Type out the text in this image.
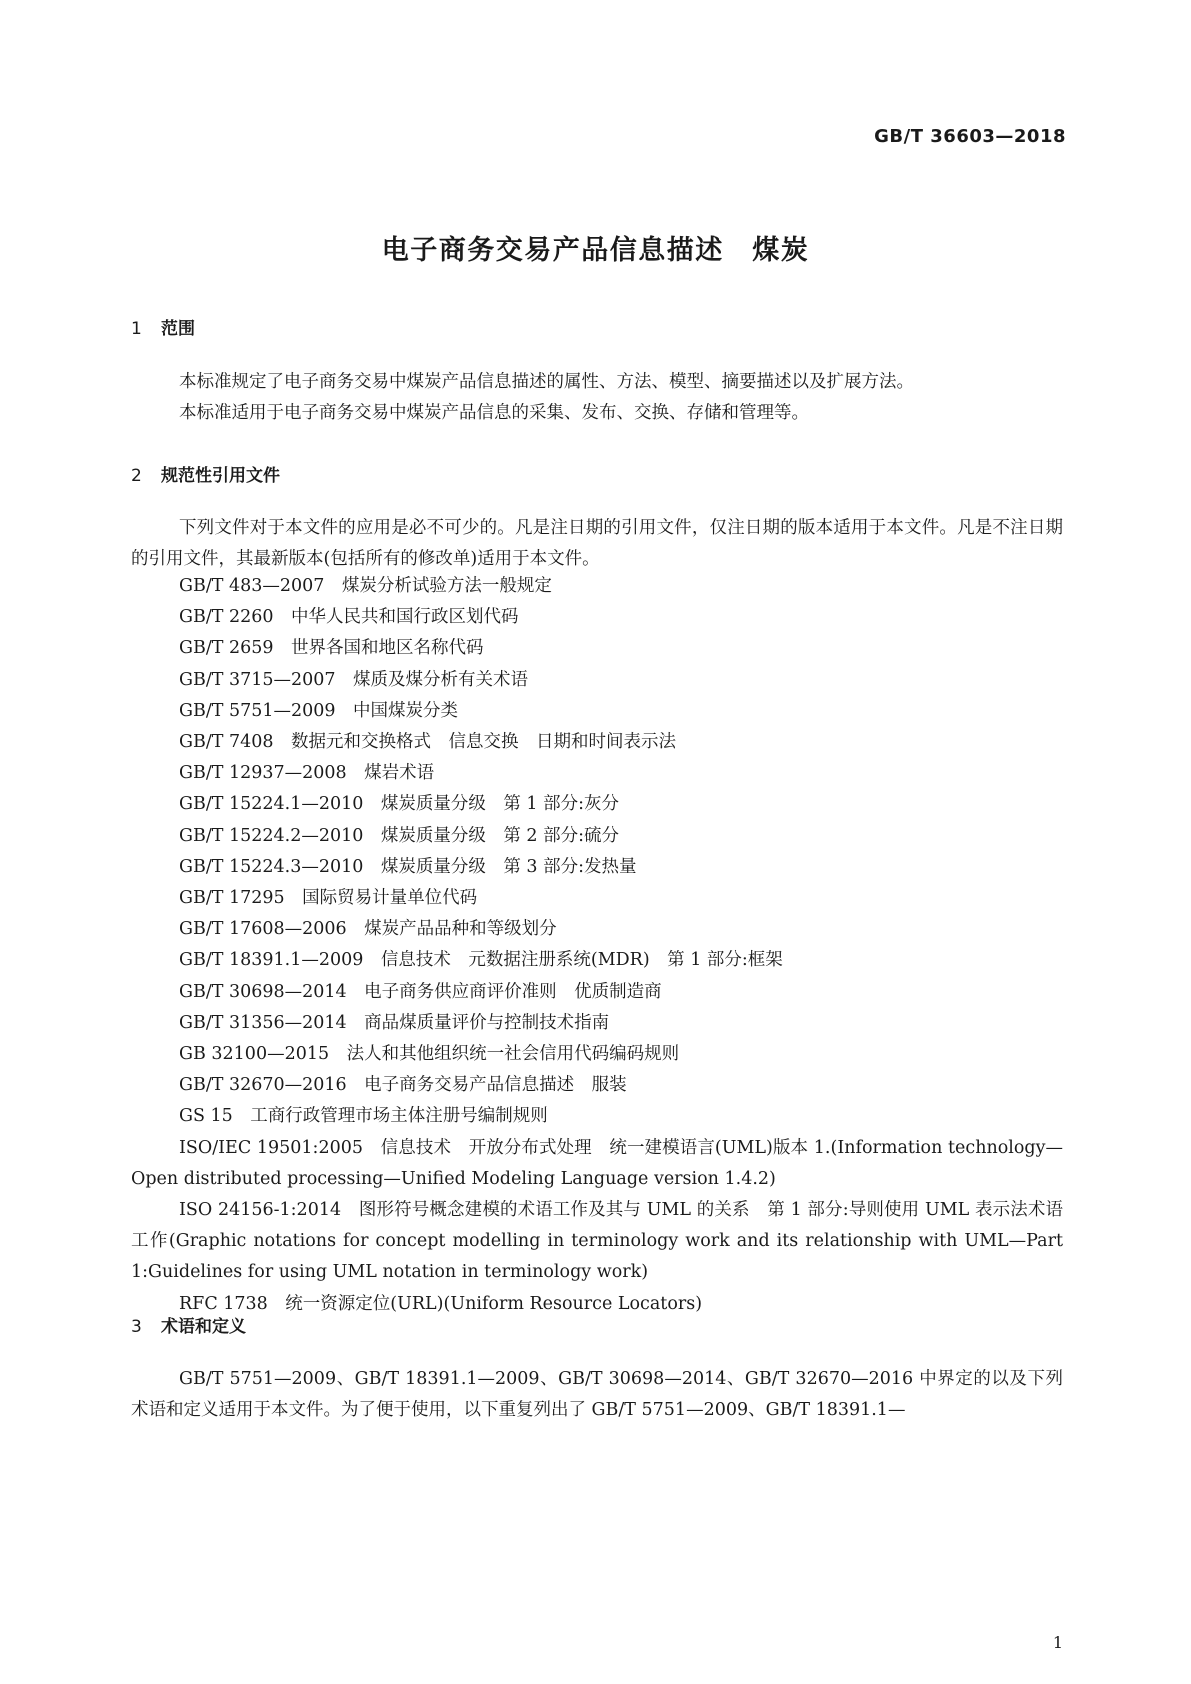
GB/T 36603—2018
电子商务交易产品信息描述　煤炭
1 范围

本标准规定了电子商务交易中煤炭产品信息描述的属性、方法、模型、摘要描述以及扩展方法。

本标准适用于电子商务交易中煤炭产品信息的采集、发布、交换、存储和管理等。

2 规范性引用文件

下列文件对于本文件的应用是必不可少的。凡是注日期的引用文件，仅注日期的版本适用于本文件。凡是不注日期的引用文件，其最新版本(包括所有的修改单)适用于本文件。

GB/T 483—2007　煤炭分析试验方法一般规定
GB/T 2260　中华人民共和国行政区划代码
GB/T 2659　世界各国和地区名称代码
GB/T 3715—2007　煤质及煤分析有关术语
GB/T 5751—2009　中国煤炭分类
GB/T 7408　数据元和交换格式　信息交换　日期和时间表示法
GB/T 12937—2008　煤岩术语
GB/T 15224.1—2010　煤炭质量分级　第 1 部分:灰分
GB/T 15224.2—2010　煤炭质量分级　第 2 部分:硫分
GB/T 15224.3—2010　煤炭质量分级　第 3 部分:发热量
GB/T 17295　国际贸易计量单位代码
GB/T 17608—2006　煤炭产品品种和等级划分
GB/T 18391.1—2009　信息技术　元数据注册系统(MDR)　第 1 部分:框架
GB/T 30698—2014　电子商务供应商评价准则　优质制造商
GB/T 31356—2014　商品煤质量评价与控制技术指南
GB 32100—2015　法人和其他组织统一社会信用代码编码规则
GB/T 32670—2016　电子商务交易产品信息描述　服装
GS 15　工商行政管理市场主体注册号编制规则
ISO/IEC 19501:2005　信息技术　开放分布式处理　统一建模语言(UML)版本 1.(Information technology—Open distributed processing—Unified Modeling Language version 1.4.2)
ISO 24156-1:2014　图形符号概念建模的术语工作及其与 UML 的关系　第 1 部分:导则使用 UML 表示法术语工作(Graphic notations for concept modelling in terminology work and its relationship with UML—Part 1:Guidelines for using UML notation in terminology work)
RFC 1738　统一资源定位(URL)(Uniform Resource Locators)
3 术语和定义

GB/T 5751—2009、GB/T 18391.1—2009、GB/T 30698—2014、GB/T 32670—2016 中界定的以及下列术语和定义适用于本文件。为了便于使用，以下重复列出了 GB/T 5751—2009、GB/T 18391.1—

1
